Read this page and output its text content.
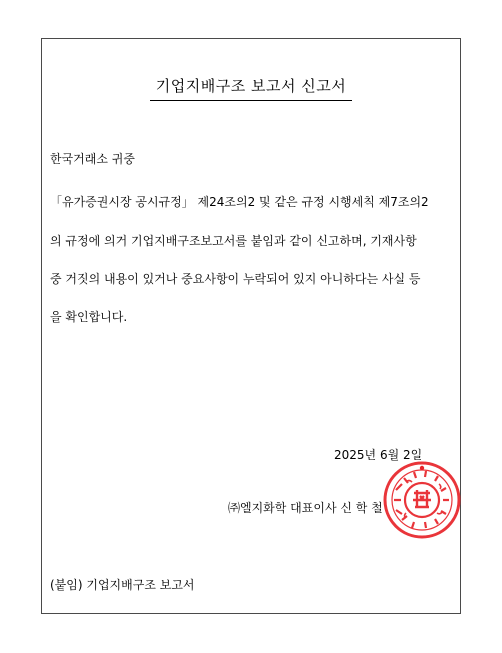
기업지배구조 보고서 신고서
한국거래소 귀중
「유가증권시장 공시규정」 제24조의2 및 같은 규정 시행세칙 제7조의2
의 규정에 의거 기업지배구조보고서를 붙임과 같이 신고하며, 기재사항
중 거짓의 내용이 있거나 중요사항이 누락되어 있지 아니하다는 사실 등
을 확인합니다.
2025년 6월 2일
㈜엘지화학 대표이사 신 학 철
(붙임) 기업지배구조 보고서
